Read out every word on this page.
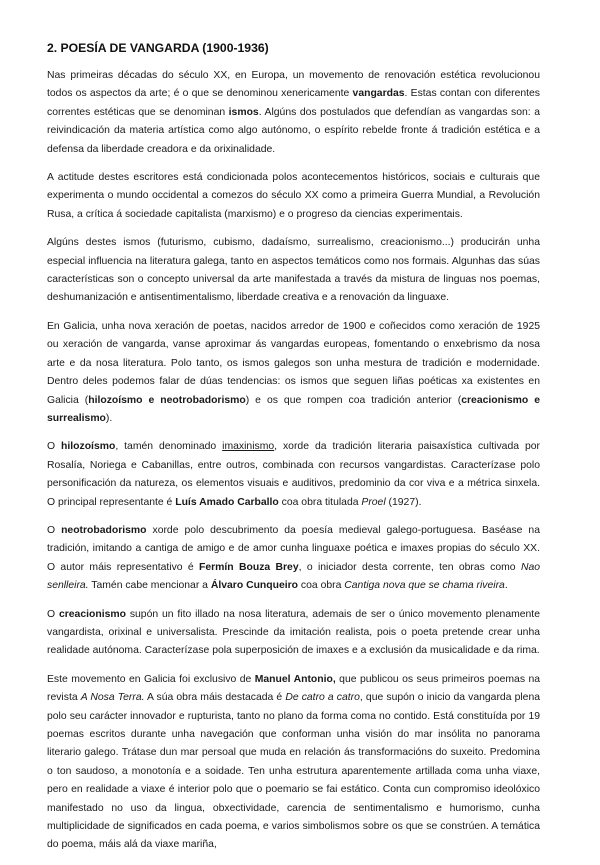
2. POESÍA DE VANGARDA (1900-1936)

Nas primeiras décadas do século XX, en Europa, un movemento de renovación estética revolucionou todos os aspectos da arte; é o que se denominou xenericamente vangardas. Estas contan con diferentes correntes estéticas que se denominan ismos. Algúns dos postulados que defendían as vangardas son: a reivindicación da materia artística como algo autónomo, o espírito rebelde fronte á tradición estética e a defensa da liberdade creadora e da orixinalidade.

A actitude destes escritores está condicionada polos acontecementos históricos, sociais e culturais que experimenta o mundo occidental a comezos do século XX como a primeira Guerra Mundial, a Revolución Rusa, a crítica á sociedade capitalista (marxismo) e o progreso da ciencias experimentais.

Algúns destes ismos (futurismo, cubismo, dadaísmo, surrealismo, creacionismo...) producirán unha especial influencia na literatura galega, tanto en aspectos temáticos como nos formais. Algunhas das súas características son o concepto universal da arte manifestada a través da mistura de linguas nos poemas, deshumanización e antisentimentalismo, liberdade creativa e a renovación da linguaxe.

En Galicia, unha nova xeración de poetas, nacidos arredor de 1900 e coñecidos como xeración de 1925 ou xeración de vangarda, vanse aproximar ás vangardas europeas, fomentando o enxebrismo da nosa arte e da nosa literatura. Polo tanto, os ismos galegos son unha mestura de tradición e modernidade. Dentro deles podemos falar de dúas tendencias: os ismos que seguen liñas poéticas xa existentes en Galicia (hilozoísmo e neotrobadorismo) e os que rompen coa tradición anterior (creacionismo e surrealismo).

O hilozoísmo, tamén denominado imaxinismo, xorde da tradición literaria paisaxística cultivada por Rosalía, Noriega e Cabanillas, entre outros, combinada con recursos vangardistas. Caracterízase polo personificación da natureza, os elementos visuais e auditivos, predominio da cor viva e a métrica sinxela. O principal representante é Luís Amado Carballo coa obra titulada Proel (1927).

O neotrobadorismo xorde polo descubrimento da poesía medieval galego-portuguesa. Baséase na tradición, imitando a cantiga de amigo e de amor cunha linguaxe poética e imaxes propias do século XX. O autor máis representativo é Fermín Bouza Brey, o iniciador desta corrente, ten obras como Nao senlleira. Tamén cabe mencionar a Álvaro Cunqueiro coa obra Cantiga nova que se chama riveira.

O creacionismo supón un fito illado na nosa literatura, ademais de ser o único movemento plenamente vangardista, orixinal e universalista. Prescinde da imitación realista, pois o poeta pretende crear unha realidade autónoma. Caracterízase pola superposición de imaxes e a exclusión da musicalidade e da rima.

Este movemento en Galicia foi exclusivo de Manuel Antonio, que publicou os seus primeiros poemas na revista A Nosa Terra. A súa obra máis destacada é De catro a catro, que supón o inicio da vangarda plena polo seu carácter innovador e rupturista, tanto no plano da forma coma no contido. Está constituída por 19 poemas escritos durante unha navegación que conforman unha visión do mar insólita no panorama literario galego. Trátase dun mar persoal que muda en relación ás transformacións do suxeito. Predomina o ton saudoso, a monotonía e a soidade. Ten unha estrutura aparentemente artillada coma unha viaxe, pero en realidade a viaxe é interior polo que o poemario se fai estático. Conta cun compromiso ideolóxico manifestado no uso da lingua, obxectividade, carencia de sentimentalismo e humorismo, cunha multiplicidade de significados en cada poema, e varios simbolismos sobre os que se constrúen. A temática do poema, máis alá da viaxe mariña,
